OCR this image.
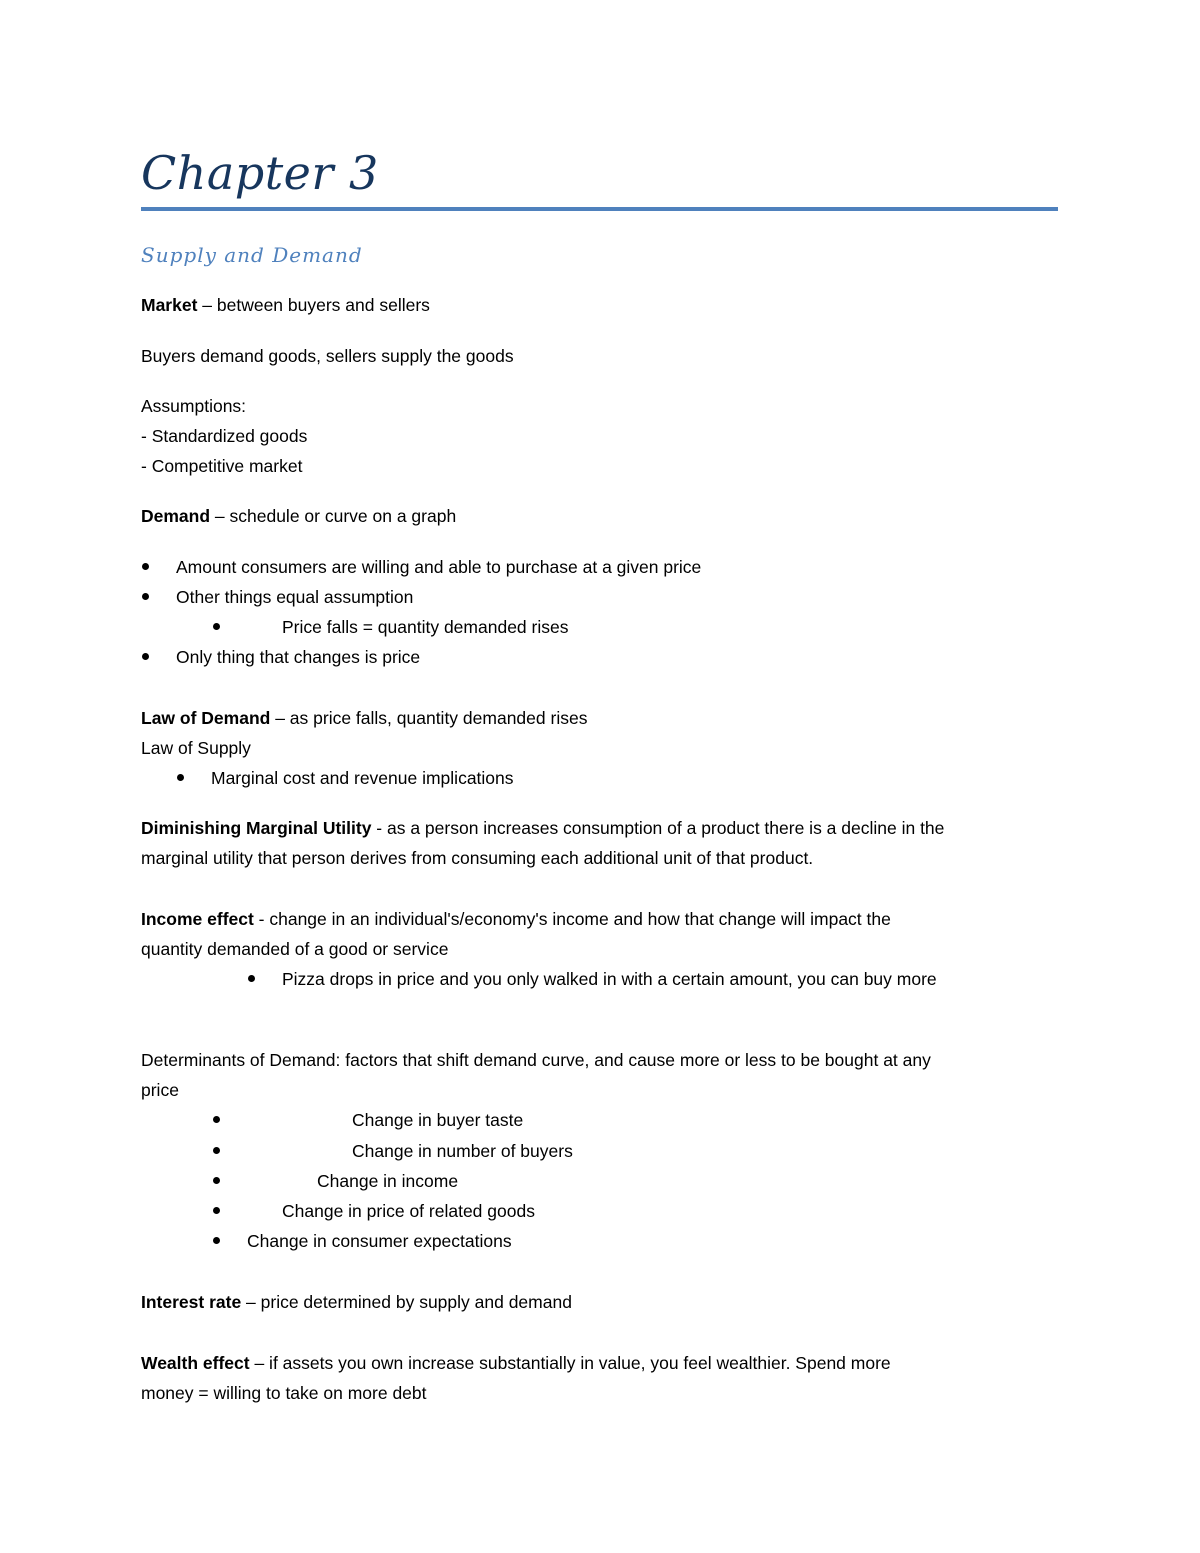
Chapter 3
Supply and Demand
Market – between buyers and sellers
Buyers demand goods, sellers supply the goods
Assumptions:
- Standardized goods
- Competitive market
Demand – schedule or curve on a graph
Amount consumers are willing and able to purchase at a given price
Other things equal assumption
Price falls = quantity demanded rises
Only thing that changes is price
Law of Demand – as price falls, quantity demanded rises
Law of Supply
Marginal cost and revenue implications
Diminishing Marginal Utility - as a person increases consumption of a product there is a decline in the
marginal utility that person derives from consuming each additional unit of that product.
Income effect - change in an individual's/economy's income and how that change will impact the
quantity demanded of a good or service
Pizza drops in price and you only walked in with a certain amount, you can buy more
Determinants of Demand: factors that shift demand curve, and cause more or less to be bought at any
price
Change in buyer taste
Change in number of buyers
Change in income
Change in price of related goods
Change in consumer expectations
Interest rate – price determined by supply and demand
Wealth effect – if assets you own increase substantially in value, you feel wealthier. Spend more
money = willing to take on more debt
